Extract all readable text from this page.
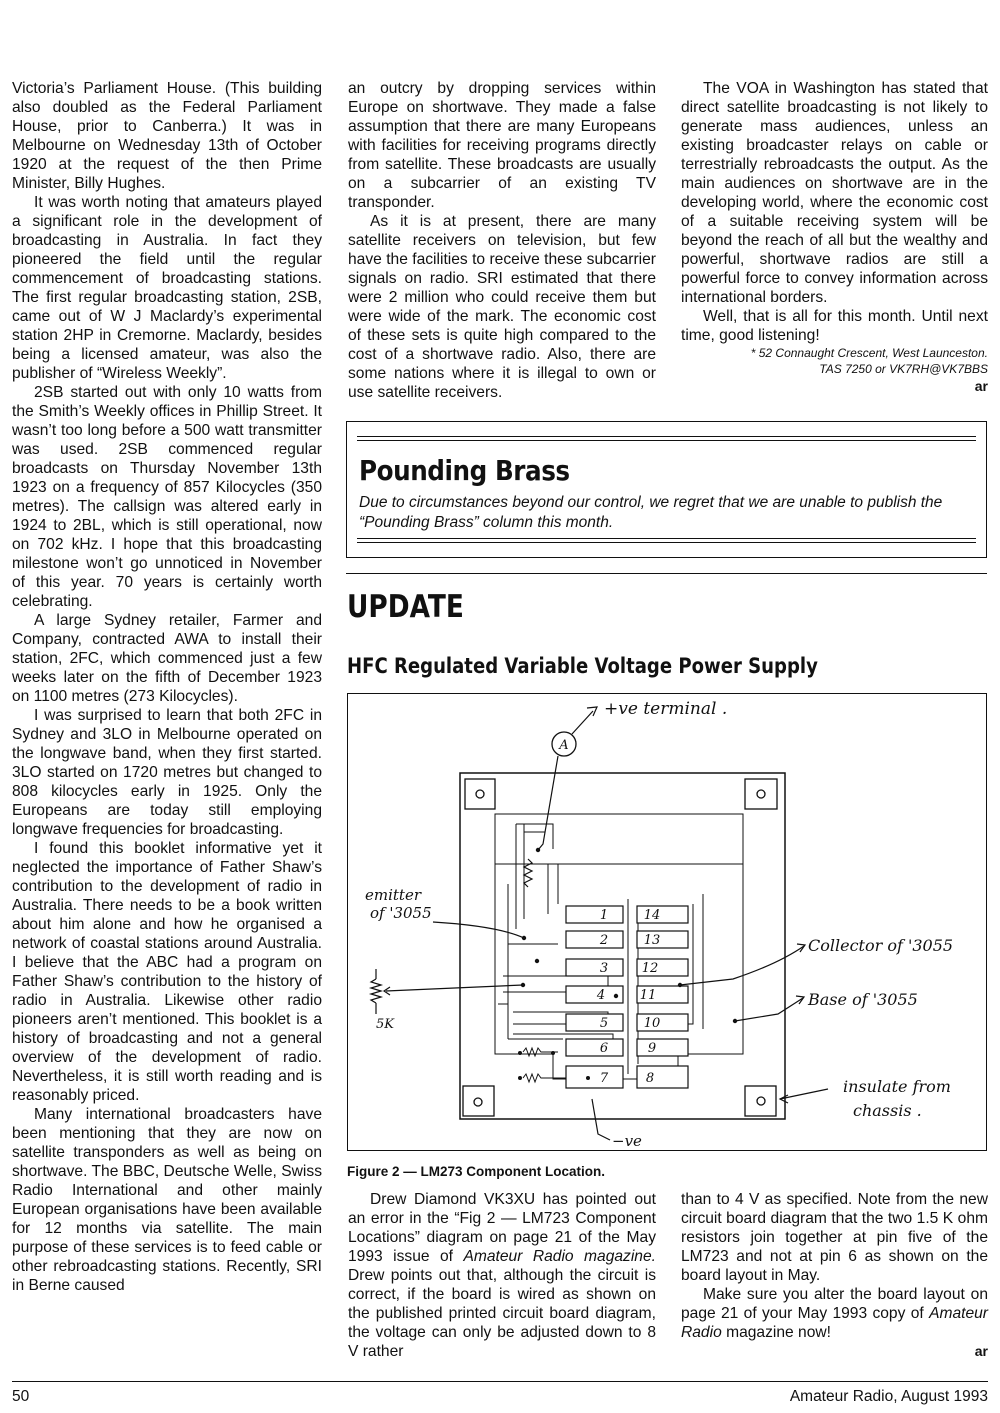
Victoria’s Parliament House. (This building also doubled as the Federal Parliament House, prior to Canberra.) It was in Melbourne on Wednesday 13th of October 1920 at the request of the then Prime Minister, Billy Hughes.

It was worth noting that amateurs played a significant role in the development of broadcasting in Australia. In fact they pioneered the field until the regular commencement of broadcasting stations. The first regular broadcasting station, 2SB, came out of W J Maclardy’s experimental station 2HP in Cremorne. Maclardy, besides being a licensed amateur, was also the publisher of “Wireless Weekly”.

2SB started out with only 10 watts from the Smith’s Weekly offices in Phillip Street. It wasn’t too long before a 500 watt transmitter was used. 2SB commenced regular broadcasts on Thursday November 13th 1923 on a frequency of 857 Kilocycles (350 metres). The callsign was altered early in 1924 to 2BL, which is still operational, now on 702 kHz. I hope that this broadcasting milestone won’t go unnoticed in November of this year. 70 years is certainly worth celebrating.

A large Sydney retailer, Farmer and Company, contracted AWA to install their station, 2FC, which commenced just a few weeks later on the fifth of December 1923 on 1100 metres (273 Kilocycles).

I was surprised to learn that both 2FC in Sydney and 3LO in Melbourne operated on the longwave band, when they first started. 3LO started on 1720 metres but changed to 808 kilocycles early in 1925. Only the Europeans are today still employing longwave frequencies for broadcasting.

I found this booklet informative yet it neglected the importance of Father Shaw’s contribution to the development of radio in Australia. There needs to be a book written about him alone and how he organised a network of coastal stations around Australia. I believe that the ABC had a program on Father Shaw’s contribution to the history of radio in Australia. Likewise other radio pioneers aren’t mentioned. This booklet is a history of broadcasting and not a general overview of the development of radio. Nevertheless, it is still worth reading and is reasonably priced.

Many international broadcasters have been mentioning that they are now on satellite transponders as well as being on shortwave. The BBC, Deutsche Welle, Swiss Radio International and other mainly European organisations have been available for 12 months via satellite. The main purpose of these services is to feed cable or other rebroadcasting stations. Recently, SRI in Berne caused

an outcry by dropping services within Europe on shortwave. They made a false assumption that there are many Europeans with facilities for receiving programs directly from satellite. These broadcasts are usually on a subcarrier of an existing TV transponder.

As it is at present, there are many satellite receivers on television, but few have the facilities to receive these subcarrier signals on radio. SRI estimated that there were 2 million who could receive them but were wide of the mark. The economic cost of these sets is quite high compared to the cost of a shortwave radio. Also, there are some nations where it is illegal to own or use satellite receivers.

The VOA in Washington has stated that direct satellite broadcasting is not likely to generate mass audiences, unless an existing broadcaster relays on cable or terrestrially rebroadcasts the output. As the main audiences on shortwave are in the developing world, where the economic cost of a suitable receiving system will be beyond the reach of all but the wealthy and powerful, shortwave radios are still a powerful force to convey information across international borders.

Well, that is all for this month. Until next time, good listening!

* 52 Connaught Crescent, West Launceston.

TAS 7250 or VK7RH@VK7BBS

ar

Pounding Brass
Due to circumstances beyond our control, we regret that we are unable to publish the “Pounding Brass” column this month.
UPDATE
HFC Regulated Variable Voltage Power Supply
1
2
3
4
5
6
7
14
13
12
11
10
9
8
A
+ve terminal .
emitter
of '3055
5K
Collector of '3055
Base of '3055
insulate from
chassis .
−ve
Figure 2 — LM273 Component Location.

Drew Diamond VK3XU has pointed out an error in the “Fig 2 — LM723 Component Locations” diagram on page 21 of the May 1993 issue of Amateur Radio magazine. Drew points out that, although the circuit is correct, if the board is wired as shown on the published printed circuit board diagram, the voltage can only be adjusted down to 8 V rather

than to 4 V as specified. Note from the new circuit board diagram that the two 1.5 K ohm resistors join together at pin five of the LM723 and not at pin 6 as shown on the board layout in May.

Make sure you alter the board layout on page 21 of your May 1993 copy of Amateur Radio magazine now!

ar

50	Amateur Radio, August 1993
